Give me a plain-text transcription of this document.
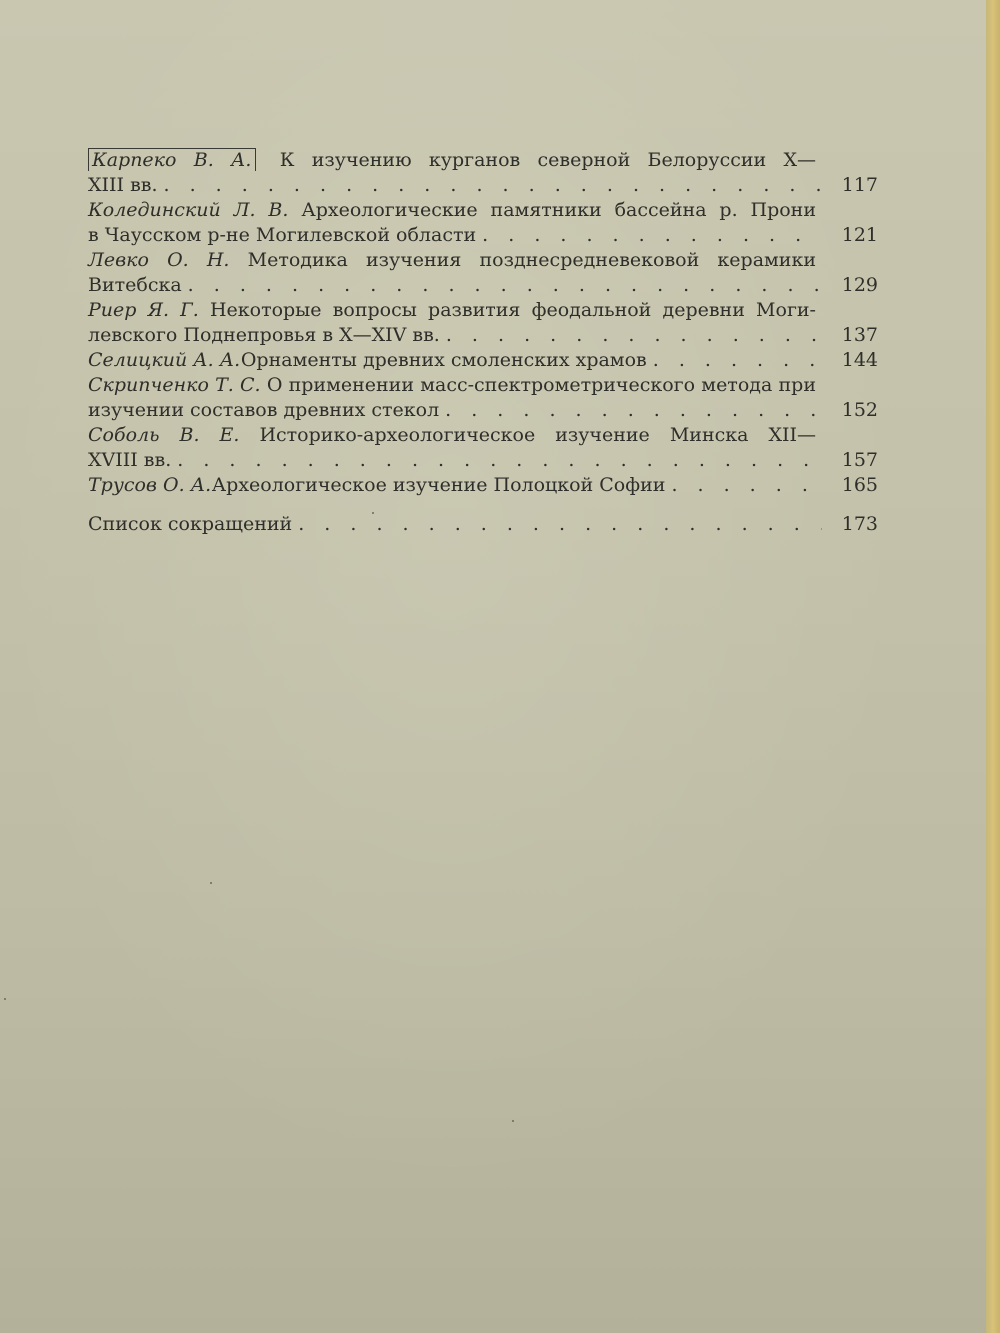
Карпеко В. А. К изучению курганов северной Белоруссии X—
XIII вв. . . .	117
Колединский Л. В. Археологические памятники бассейна р. Прони
в Чаусском р-не Могилевской области . . .	121
Левко О. Н. Методика изучения позднесредневековой керамики
Витебска . . .	129
Риер Я. Г. Некоторые вопросы развития феодальной деревни Моги-
левского Поднепровья в X—XIV вв. . . .	137
Селицкий А. А. Орнаменты древних смоленских храмов . . .	144
Скрипченко Т. С. О применении масс-спектрометрического метода при
изучении составов древних стекол . . .	152
Соболь В. Е. Историко-археологическое изучение Минска XII—
XVIII вв. . . .	157
Трусов О. А. Археологическое изучение Полоцкой Софии . . .	165
Список сокращений . . .	173
